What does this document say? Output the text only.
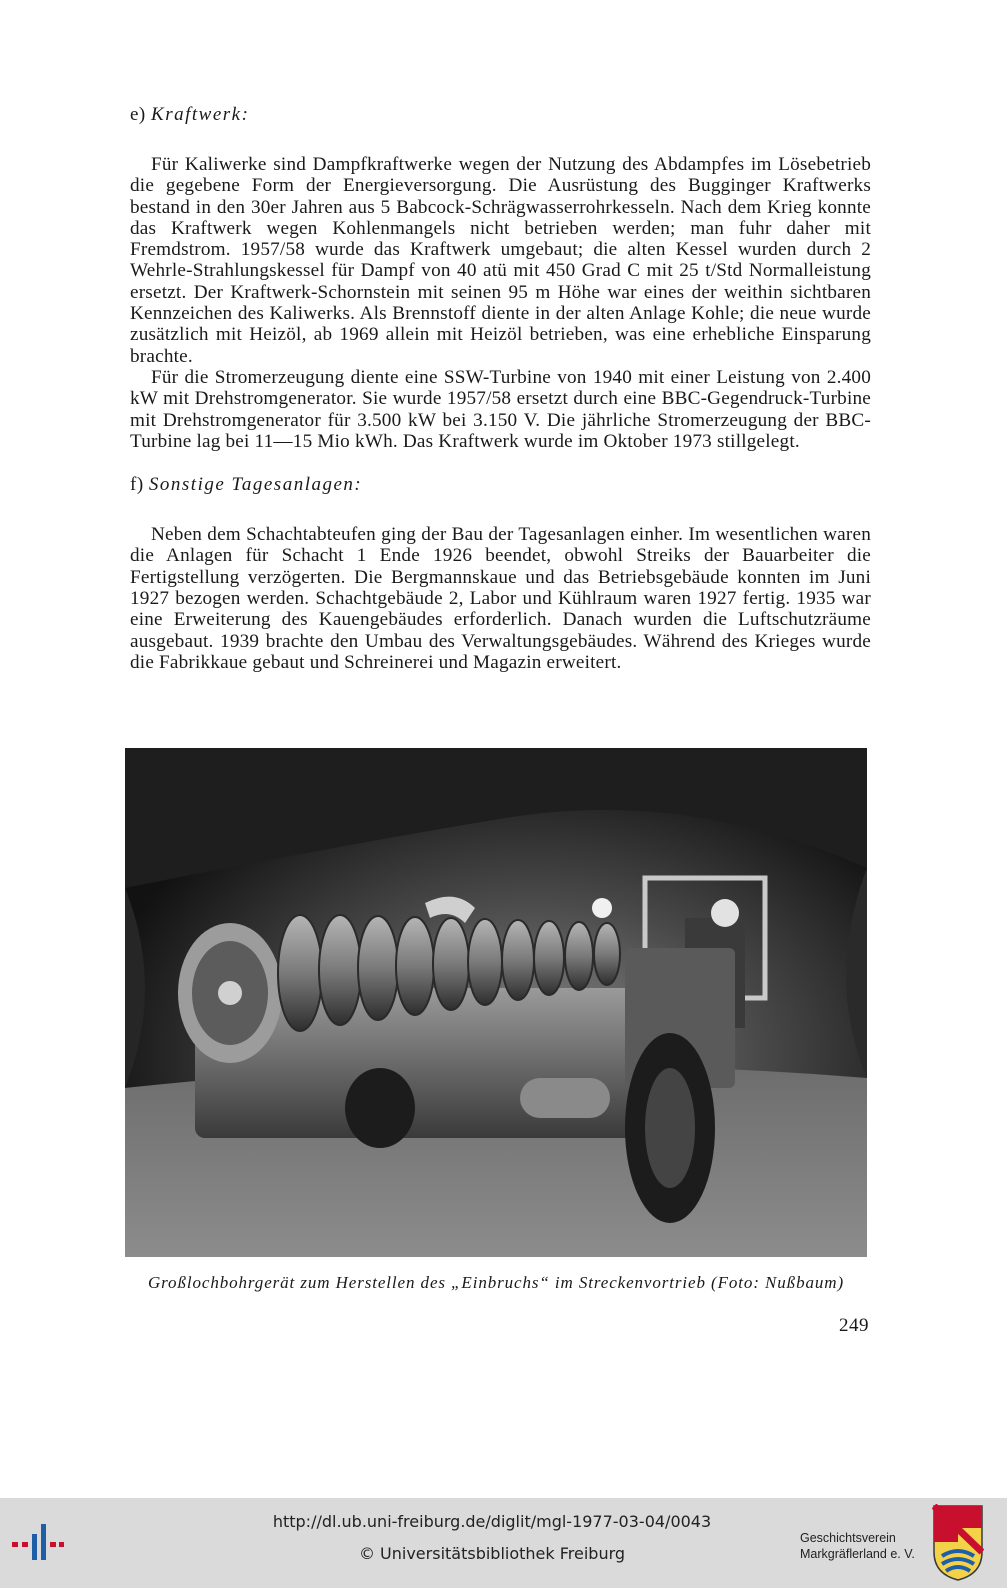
e) Kraftwerk:

Für Kaliwerke sind Dampfkraftwerke wegen der Nutzung des Abdampfes im Lösebetrieb die gegebene Form der Energieversorgung. Die Ausrüstung des Bugginger Kraftwerks bestand in den 30er Jahren aus 5 Babcock-Schrägwasserrohrkesseln. Nach dem Krieg konnte das Kraftwerk wegen Kohlenmangels nicht betrieben werden; man fuhr daher mit Fremdstrom. 1957/58 wurde das Kraftwerk umgebaut; die alten Kessel wurden durch 2 Wehrle-Strahlungskessel für Dampf von 40 atü mit 450 Grad C mit 25 t/Std Normalleistung ersetzt. Der Kraftwerk-Schornstein mit seinen 95 m Höhe war eines der weithin sichtbaren Kennzeichen des Kaliwerks. Als Brennstoff diente in der alten Anlage Kohle; die neue wurde zusätzlich mit Heizöl, ab 1969 allein mit Heizöl betrieben, was eine erhebliche Einsparung brachte.

Für die Stromerzeugung diente eine SSW-Turbine von 1940 mit einer Leistung von 2.400 kW mit Drehstromgenerator. Sie wurde 1957/58 ersetzt durch eine BBC-Gegendruck-Turbine mit Drehstromgenerator für 3.500 kW bei 3.150 V. Die jährliche Stromerzeugung der BBC-Turbine lag bei 11—15 Mio kWh. Das Kraftwerk wurde im Oktober 1973 stillgelegt.

f) Sonstige Tagesanlagen:

Neben dem Schachtabteufen ging der Bau der Tagesanlagen einher. Im wesentlichen waren die Anlagen für Schacht 1 Ende 1926 beendet, obwohl Streiks der Bauarbeiter die Fertigstellung verzögerten. Die Bergmannskaue und das Betriebsgebäude konnten im Juni 1927 bezogen werden. Schachtgebäude 2, Labor und Kühlraum waren 1927 fertig. 1935 war eine Erweiterung des Kauengebäudes erforderlich. Danach wurden die Luftschutzräume ausgebaut. 1939 brachte den Umbau des Verwaltungsgebäudes. Während des Krieges wurde die Fabrikkaue gebaut und Schreinerei und Magazin erweitert.

Großlochbohrgerät zum Herstellen des „Einbruchs“ im Streckenvortrieb (Foto: Nußbaum)
249
http://dl.ub.uni-freiburg.de/diglit/mgl-1977-03-04/0043
© Universitätsbibliothek Freiburg
Geschichtsverein
Markgräflerland e. V.
